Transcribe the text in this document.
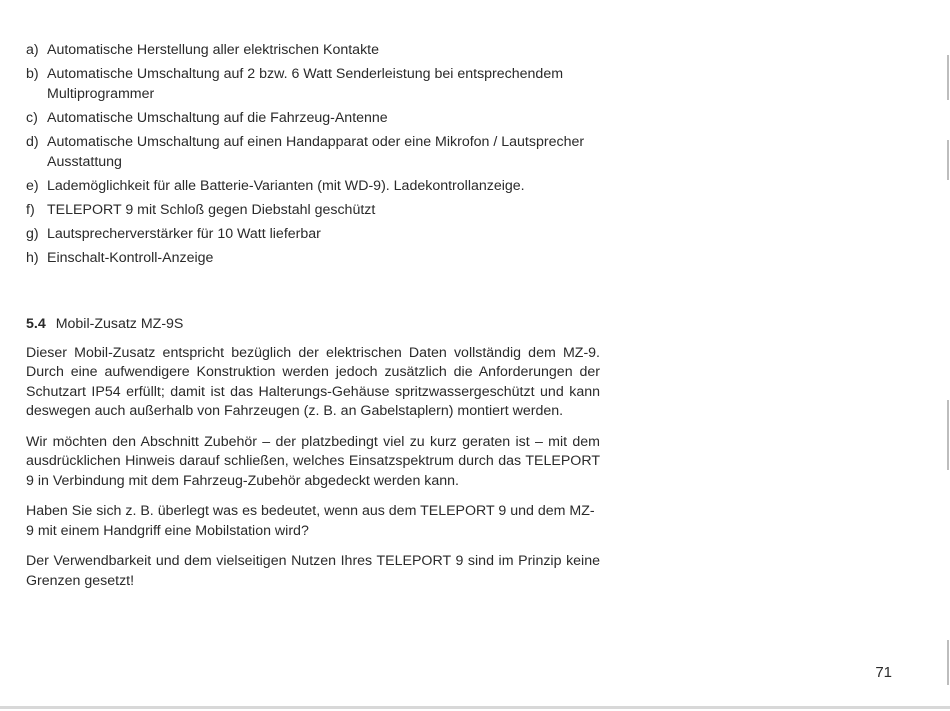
a) Automatische Herstellung aller elektrischen Kontakte
b) Automatische Umschaltung auf 2 bzw. 6 Watt Senderleistung bei entsprechendem Multiprogrammer
c) Automatische Umschaltung auf die Fahrzeug-Antenne
d) Automatische Umschaltung auf einen Handapparat oder eine Mikrofon / Lautsprecher Ausstattung
e) Lademöglichkeit für alle Batterie-Varianten (mit WD-9). Ladekontrollanzeige.
f) TELEPORT 9 mit Schloß gegen Diebstahl geschützt
g) Lautsprecherverstärker für 10 Watt lieferbar
h) Einschalt-Kontroll-Anzeige
5.4 Mobil-Zusatz MZ-9S

Dieser Mobil-Zusatz entspricht bezüglich der elektrischen Daten vollständig dem MZ-9. Durch eine aufwendigere Konstruktion werden jedoch zusätzlich die Anforderungen der Schutzart IP54 erfüllt; damit ist das Halterungs-Gehäuse spritzwassergeschützt und kann deswegen auch außerhalb von Fahrzeugen (z. B. an Gabelstaplern) montiert werden.

Wir möchten den Abschnitt Zubehör – der platzbedingt viel zu kurz geraten ist – mit dem ausdrücklichen Hinweis darauf schließen, welches Einsatzspektrum durch das TELEPORT 9 in Verbindung mit dem Fahrzeug-Zubehör abgedeckt werden kann.

Haben Sie sich z. B. überlegt was es bedeutet, wenn aus dem TELEPORT 9 und dem MZ-9 mit einem Handgriff eine Mobilstation wird?

Der Verwendbarkeit und dem vielseitigen Nutzen Ihres TELEPORT 9 sind im Prinzip keine Grenzen gesetzt!

71
